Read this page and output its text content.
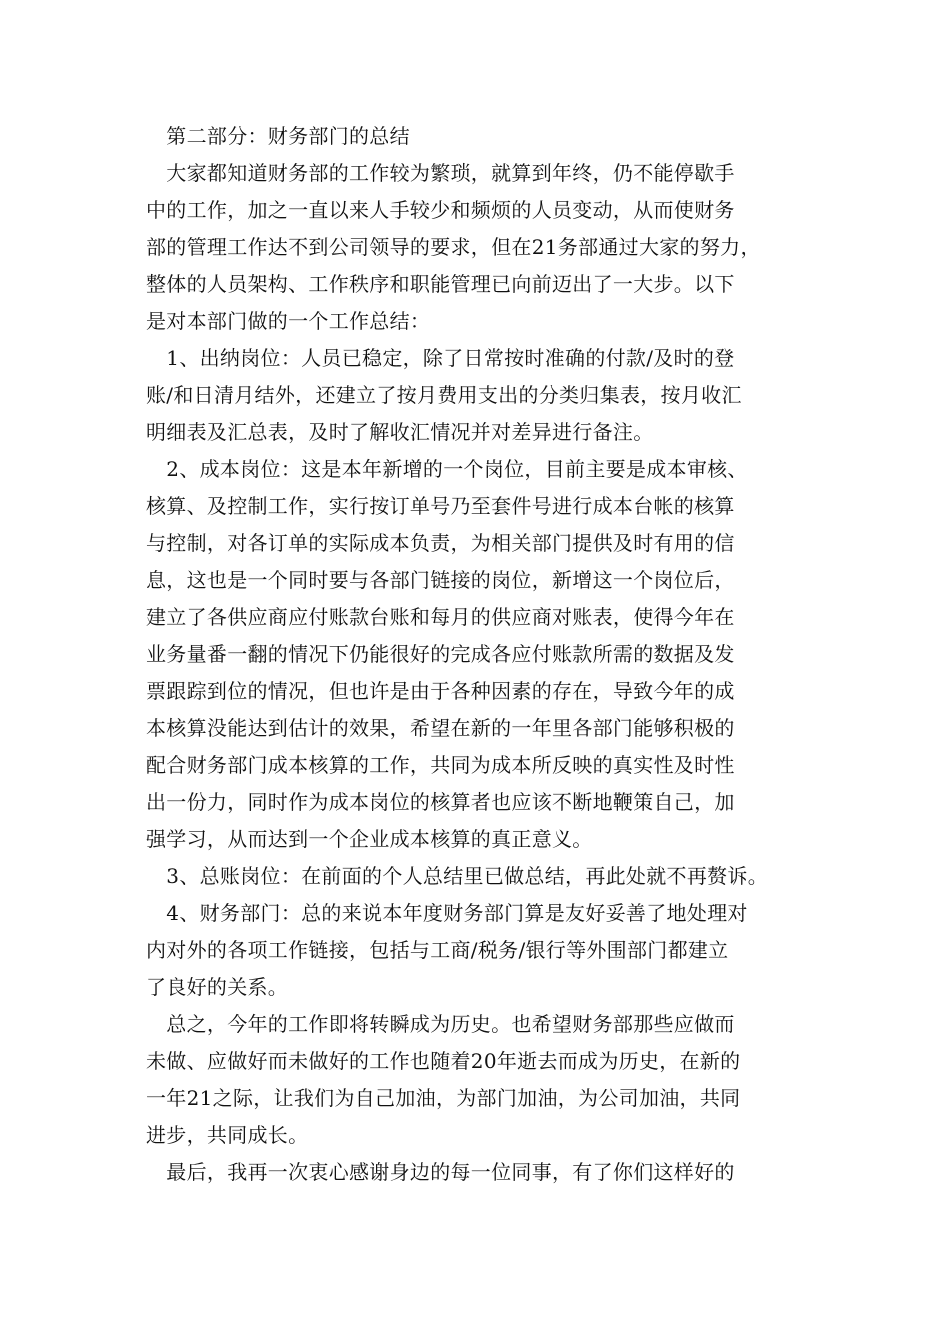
　第二部分：财务部门的总结
　大家都知道财务部的工作较为繁琐，就算到年终，仍不能停歇手
中的工作，加之一直以来人手较少和频烦的人员变动，从而使财务
部的管理工作达不到公司领导的要求，但在21务部通过大家的努力，
整体的人员架构、工作秩序和职能管理已向前迈出了一大步。以下
是对本部门做的一个工作总结：
　1、出纳岗位：人员已稳定，除了日常按时准确的付款/及时的登
账/和日清月结外，还建立了按月费用支出的分类归集表，按月收汇
明细表及汇总表，及时了解收汇情况并对差异进行备注。
　2、成本岗位：这是本年新增的一个岗位，目前主要是成本审核、
核算、及控制工作，实行按订单号乃至套件号进行成本台帐的核算
与控制，对各订单的实际成本负责，为相关部门提供及时有用的信
息，这也是一个同时要与各部门链接的岗位，新增这一个岗位后，
建立了各供应商应付账款台账和每月的供应商对账表，使得今年在
业务量番一翻的情况下仍能很好的完成各应付账款所需的数据及发
票跟踪到位的情况，但也许是由于各种因素的存在，导致今年的成
本核算没能达到估计的效果，希望在新的一年里各部门能够积极的
配合财务部门成本核算的工作，共同为成本所反映的真实性及时性
出一份力，同时作为成本岗位的核算者也应该不断地鞭策自己，加
强学习，从而达到一个企业成本核算的真正意义。
　3、总账岗位：在前面的个人总结里已做总结，再此处就不再赘诉。
　4、财务部门：总的来说本年度财务部门算是友好妥善了地处理对
内对外的各项工作链接，包括与工商/税务/银行等外围部门都建立
了良好的关系。
　总之，今年的工作即将转瞬成为历史。也希望财务部那些应做而
未做、应做好而未做好的工作也随着20年逝去而成为历史，在新的
一年21之际，让我们为自己加油，为部门加油，为公司加油，共同
进步，共同成长。
　最后，我再一次衷心感谢身边的每一位同事，有了你们这样好的
